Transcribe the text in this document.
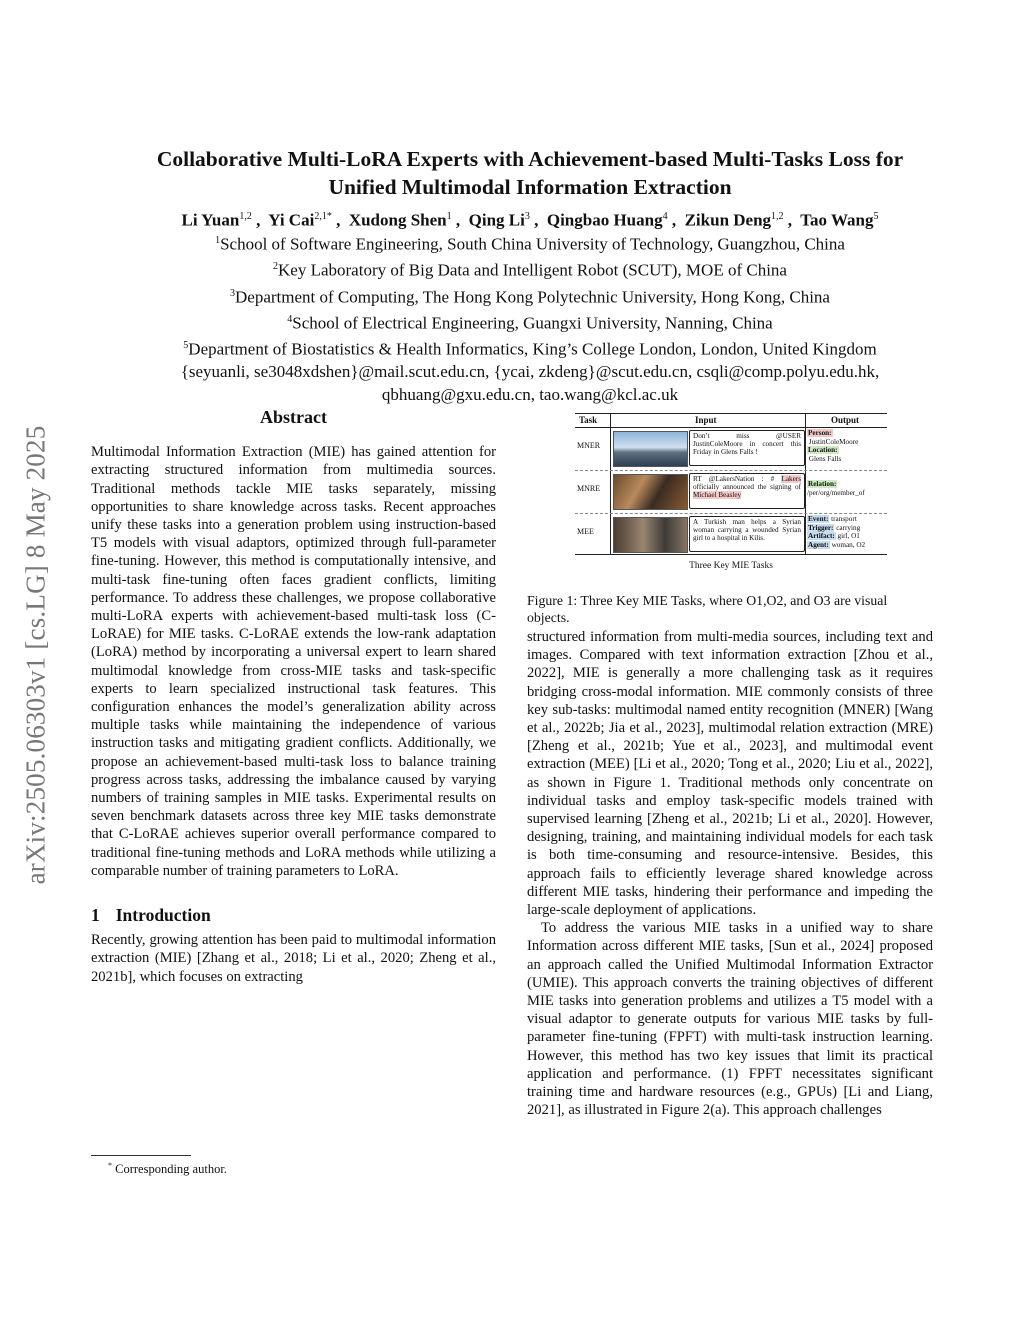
arXiv:2505.06303v1 [cs.LG] 8 May 2025
Collaborative Multi-LoRA Experts with Achievement-based Multi-Tasks Loss for
Unified Multimodal Information Extraction
Li Yuan$^{1,2}$ ,  Yi Cai$^{2,1*}$ ,  Xudong Shen$^1$ ,  Qing Li$^3$ ,  Qingbao Huang$^4$ ,  Zikun Deng$^{1,2}$ ,  Tao Wang$^5$
$^1$School of Software Engineering, South China University of Technology, Guangzhou, China
$^2$Key Laboratory of Big Data and Intelligent Robot (SCUT), MOE of China
$^3$Department of Computing, The Hong Kong Polytechnic University, Hong Kong, China
$^4$School of Electrical Engineering, Guangxi University, Nanning, China
$^5$Department of Biostatistics & Health Informatics, King’s College London, London, United Kingdom
{seyuanli, se3048xdshen}@mail.scut.edu.cn, {ycai, zkdeng}@scut.edu.cn, csqli@comp.polyu.edu.hk,
qbhuang@gxu.edu.cn, tao.wang@kcl.ac.uk
Abstract

Multimodal Information Extraction (MIE) has gained attention for extracting structured information from multimedia sources. Traditional methods tackle MIE tasks separately, missing opportunities to share knowledge across tasks. Recent approaches unify these tasks into a generation problem using instruction-based T5 models with visual adaptors, optimized through full-parameter fine-tuning. However, this method is computationally intensive, and multi-task fine-tuning often faces gradient conflicts, limiting performance. To address these challenges, we propose collaborative multi-LoRA experts with achievement-based multi-task loss (C-LoRAE) for MIE tasks. C-LoRAE extends the low-rank adaptation (LoRA) method by incorporating a universal expert to learn shared multimodal knowledge from cross-MIE tasks and task-specific experts to learn specialized instructional task features. This configuration enhances the model’s generalization ability across multiple tasks while maintaining the independence of various instruction tasks and mitigating gradient conflicts. Additionally, we propose an achievement-based multi-task loss to balance training progress across tasks, addressing the imbalance caused by varying numbers of training samples in MIE tasks. Experimental results on seven benchmark datasets across three key MIE tasks demonstrate that C-LoRAE achieves superior overall performance compared to traditional fine-tuning methods and LoRA methods while utilizing a comparable number of training parameters to LoRA.

1 Introduction

Recently, growing attention has been paid to multimodal information extraction (MIE) [Zhang et al., 2018; Li et al., 2020; Zheng et al., 2021b], which focuses on extracting

* Corresponding author.
Task	Input	Output
MNER
Don’t miss @USER JustinColeMoore in concert this Friday in Glens Falls !
Person:
JustinColeMoore
Location:
Glens Falls
MNRE
RT @LakersNation : # Lakers officially announced the signing of Michael Beasley
Relation:
/per/org/member_of
MEE
A Turkish man helps a Syrian woman carrying a wounded Syrian girl to a hospital in Kilis.
Event: transport
Trigger: carrying
Artifact: girl, O1
Agent: woman, O2
Three Key MIE Tasks
Figure 1: Three Key MIE Tasks, where O1,O2, and O3 are visual objects.

structured information from multi-media sources, including text and images. Compared with text information extraction [Zhou et al., 2022], MIE is generally a more challenging task as it requires bridging cross-modal information. MIE commonly consists of three key sub-tasks: multimodal named entity recognition (MNER) [Wang et al., 2022b; Jia et al., 2023], multimodal relation extraction (MRE) [Zheng et al., 2021b; Yue et al., 2023], and multimodal event extraction (MEE) [Li et al., 2020; Tong et al., 2020; Liu et al., 2022], as shown in Figure 1. Traditional methods only concentrate on individual tasks and employ task-specific models trained with supervised learning [Zheng et al., 2021b; Li et al., 2020]. However, designing, training, and maintaining individual models for each task is both time-consuming and resource-intensive. Besides, this approach fails to efficiently leverage shared knowledge across different MIE tasks, hindering their performance and impeding the large-scale deployment of applications.

To address the various MIE tasks in a unified way to share Information across different MIE tasks, [Sun et al., 2024] proposed an approach called the Unified Multimodal Information Extractor (UMIE). This approach converts the training objectives of different MIE tasks into generation problems and utilizes a T5 model with a visual adaptor to generate outputs for various MIE tasks by full-parameter fine-tuning (FPFT) with multi-task instruction learning. However, this method has two key issues that limit its practical application and performance. (1) FPFT necessitates significant training time and hardware resources (e.g., GPUs) [Li and Liang, 2021], as illustrated in Figure 2(a). This approach challenges
